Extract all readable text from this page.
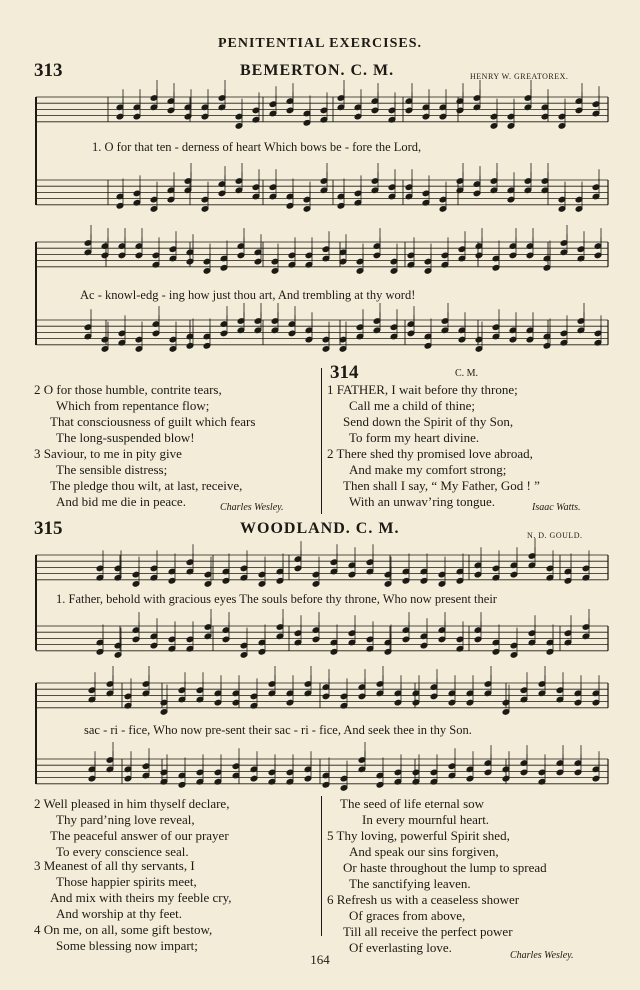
PENITENTIAL EXERCISES.
313	BEMERTON. C. M.	HENRY W. GREATOREX.
1. O for that ten - derness of heart Which bows be - fore the Lord,
Ac - knowl-edg - ing how just thou art, And trembling at thy word!
2 O for those humble, contrite tears,
Which from repentance flow;
That consciousness of guilt which fears
The long-suspended blow!
3 Saviour, to me in pity give
The sensible distress;
The pledge thou wilt, at last, receive,
And bid me die in peace.	Charles Wesley.
314	C. M.
1 FATHER, I wait before thy throne;
Call me a child of thine;
Send down the Spirit of thy Son,
To form my heart divine.
2 There shed thy promised love abroad,
And make my comfort strong;
Then shall I say, “ My Father, God ! ”
With an unwav’ring tongue.	Isaac Watts.
315	WOODLAND. C. M.	N. D. GOULD.
1. Father, behold with gracious eyes The souls before thy throne, Who now present their
sac - ri - fice, Who now pre-sent their sac - ri - fice, And seek thee in thy Son.
2 Well pleased in him thyself declare,
Thy pard’ning love reveal,
The peaceful answer of our prayer
To every conscience seal.
3 Meanest of all thy servants, I
Those happier spirits meet,
And mix with theirs my feeble cry,
And worship at thy feet.
4 On me, on all, some gift bestow,
Some blessing now impart;
The seed of life eternal sow
In every mournful heart.
5 Thy loving, powerful Spirit shed,
And speak our sins forgiven,
Or haste throughout the lump to spread
The sanctifying leaven.
6 Refresh us with a ceaseless shower
Of graces from above,
Till all receive the perfect power
Of everlasting love.
Charles Wesley.
164
